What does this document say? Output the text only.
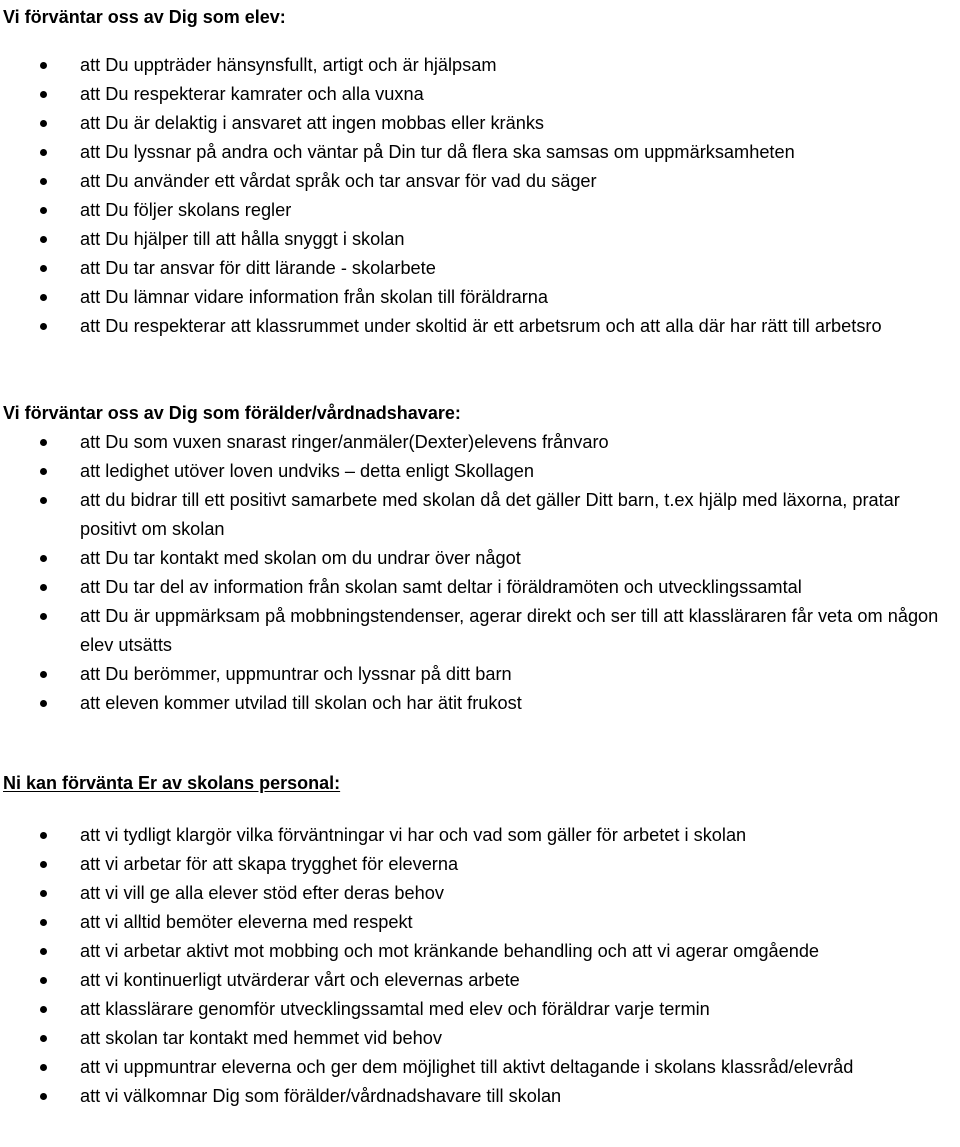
Vi förväntar oss av Dig som elev:
att Du uppträder hänsynsfullt, artigt och är hjälpsam
att Du respekterar kamrater och alla vuxna
att Du är delaktig i ansvaret att ingen mobbas eller kränks
att Du lyssnar på andra och väntar på Din tur då flera ska samsas om uppmärksamheten
att Du använder ett vårdat språk och tar ansvar för vad du säger
att Du följer skolans regler
att Du hjälper till att hålla snyggt i skolan
att Du tar ansvar för ditt lärande - skolarbete
att Du lämnar vidare information från skolan till föräldrarna
att Du respekterar att klassrummet under skoltid är ett arbetsrum och att alla där har rätt till arbetsro
Vi förväntar oss av Dig som förälder/vårdnadshavare:
att Du som vuxen snarast ringer/anmäler(Dexter)elevens frånvaro
att ledighet utöver loven undviks – detta enligt Skollagen
att du bidrar till ett positivt samarbete med skolan då det gäller Ditt barn, t.ex hjälp med läxorna, pratar positivt om skolan
att Du tar kontakt med skolan om du undrar över något
att Du tar del av information från skolan samt deltar i föräldramöten och utvecklingssamtal
att Du är uppmärksam på mobbningstendenser, agerar direkt och ser till att klassläraren får veta om någon elev utsätts
att Du berömmer, uppmuntrar och lyssnar på ditt barn
att eleven kommer utvilad till skolan och har ätit frukost
Ni kan förvänta Er av skolans personal:
att vi tydligt klargör vilka förväntningar vi har och vad som gäller för arbetet i skolan
att vi arbetar för att skapa trygghet för eleverna
att vi vill ge alla elever stöd efter deras behov
att vi alltid bemöter eleverna med respekt
att vi arbetar aktivt mot mobbing och mot kränkande behandling och att vi agerar omgående
att vi kontinuerligt utvärderar vårt och elevernas arbete
att klasslärare genomför utvecklingssamtal med elev och föräldrar varje termin
att skolan tar kontakt med hemmet vid behov
att vi uppmuntrar eleverna och ger dem möjlighet till aktivt deltagande i skolans klassråd/elevråd
att vi välkomnar Dig som förälder/vårdnadshavare till skolan
